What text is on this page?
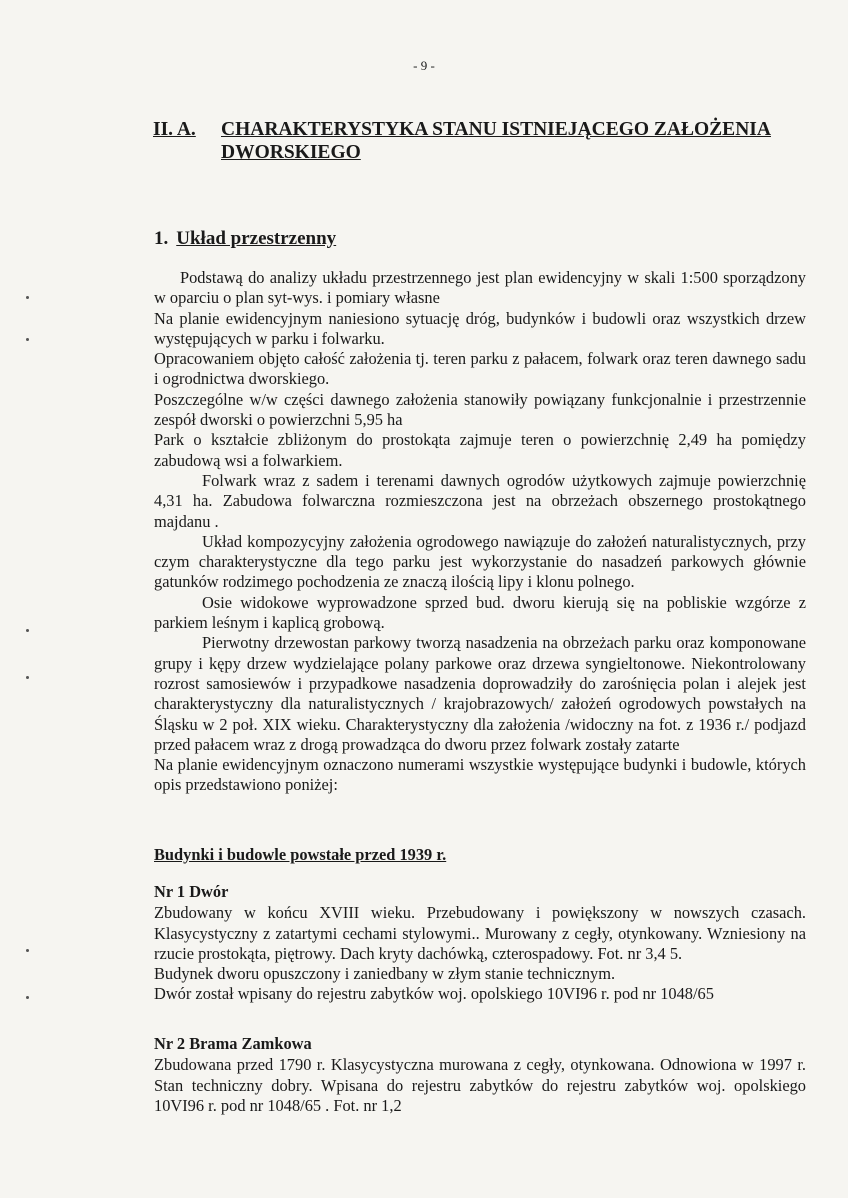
- 9 -
II. A. CHARAKTERYSTYKA STANU ISTNIEJĄCEGO ZAŁOŻENIA
DWORSKIEGO
1. Układ przestrzenny

Podstawą do analizy układu przestrzennego jest plan ewidencyjny w skali 1:500 sporządzony w oparciu o plan syt-wys. i pomiary własne

Na planie ewidencyjnym naniesiono sytuację dróg, budynków i budowli oraz wszystkich drzew występujących w parku i folwarku.

Opracowaniem objęto całość założenia tj. teren parku z pałacem, folwark oraz teren dawnego sadu i ogrodnictwa dworskiego.

Poszczególne w/w części dawnego założenia stanowiły powiązany funkcjonalnie i przestrzennie zespół dworski o powierzchni 5,95 ha

Park o kształcie zbliżonym do prostokąta zajmuje teren o powierzchnię 2,49 ha pomiędzy zabudową wsi a folwarkiem.

Folwark wraz z sadem i terenami dawnych ogrodów użytkowych zajmuje powierzchnię 4,31 ha. Zabudowa folwarczna rozmieszczona jest na obrzeżach obszernego prostokątnego majdanu .

Układ kompozycyjny założenia ogrodowego nawiązuje do założeń naturalistycznych, przy czym charakterystyczne dla tego parku jest wykorzystanie do nasadzeń parkowych głównie gatunków rodzimego pochodzenia ze znaczą ilością lipy i klonu polnego.

Osie widokowe wyprowadzone sprzed bud. dworu kierują się na pobliskie wzgórze z parkiem leśnym i kaplicą grobową.

Pierwotny drzewostan parkowy tworzą nasadzenia na obrzeżach parku oraz komponowane grupy i kępy drzew wydzielające polany parkowe oraz drzewa syngieltonowe. Niekontrolowany rozrost samosiewów i przypadkowe nasadzenia doprowadziły do zarośnięcia polan i alejek jest charakterystyczny dla naturalistycznych / krajobrazowych/ założeń ogrodowych powstałych na Śląsku w 2 poł. XIX wieku. Charakterystyczny dla założenia /widoczny na fot. z 1936 r./ podjazd przed pałacem wraz z drogą prowadząca do dworu przez folwark zostały zatarte

Na planie ewidencyjnym oznaczono numerami wszystkie występujące budynki i budowle, których opis przedstawiono poniżej:

Budynki i budowle powstałe przed 1939 r.

Nr 1 Dwór

Zbudowany w końcu XVIII wieku. Przebudowany i powiększony w nowszych czasach. Klasycystyczny z zatartymi cechami stylowymi.. Murowany z cegły, otynkowany. Wzniesiony na rzucie prostokąta, piętrowy. Dach kryty dachówką, czterospadowy. Fot. nr 3,4 5.

Budynek dworu opuszczony i zaniedbany w złym stanie technicznym.

Dwór został wpisany do rejestru zabytków woj. opolskiego 10VI96 r. pod nr 1048/65

Nr 2 Brama Zamkowa

Zbudowana przed 1790 r. Klasycystyczna murowana z cegły, otynkowana. Odnowiona w 1997 r. Stan techniczny dobry. Wpisana do rejestru zabytków do rejestru zabytków woj. opolskiego 10VI96 r. pod nr 1048/65 . Fot. nr 1,2
